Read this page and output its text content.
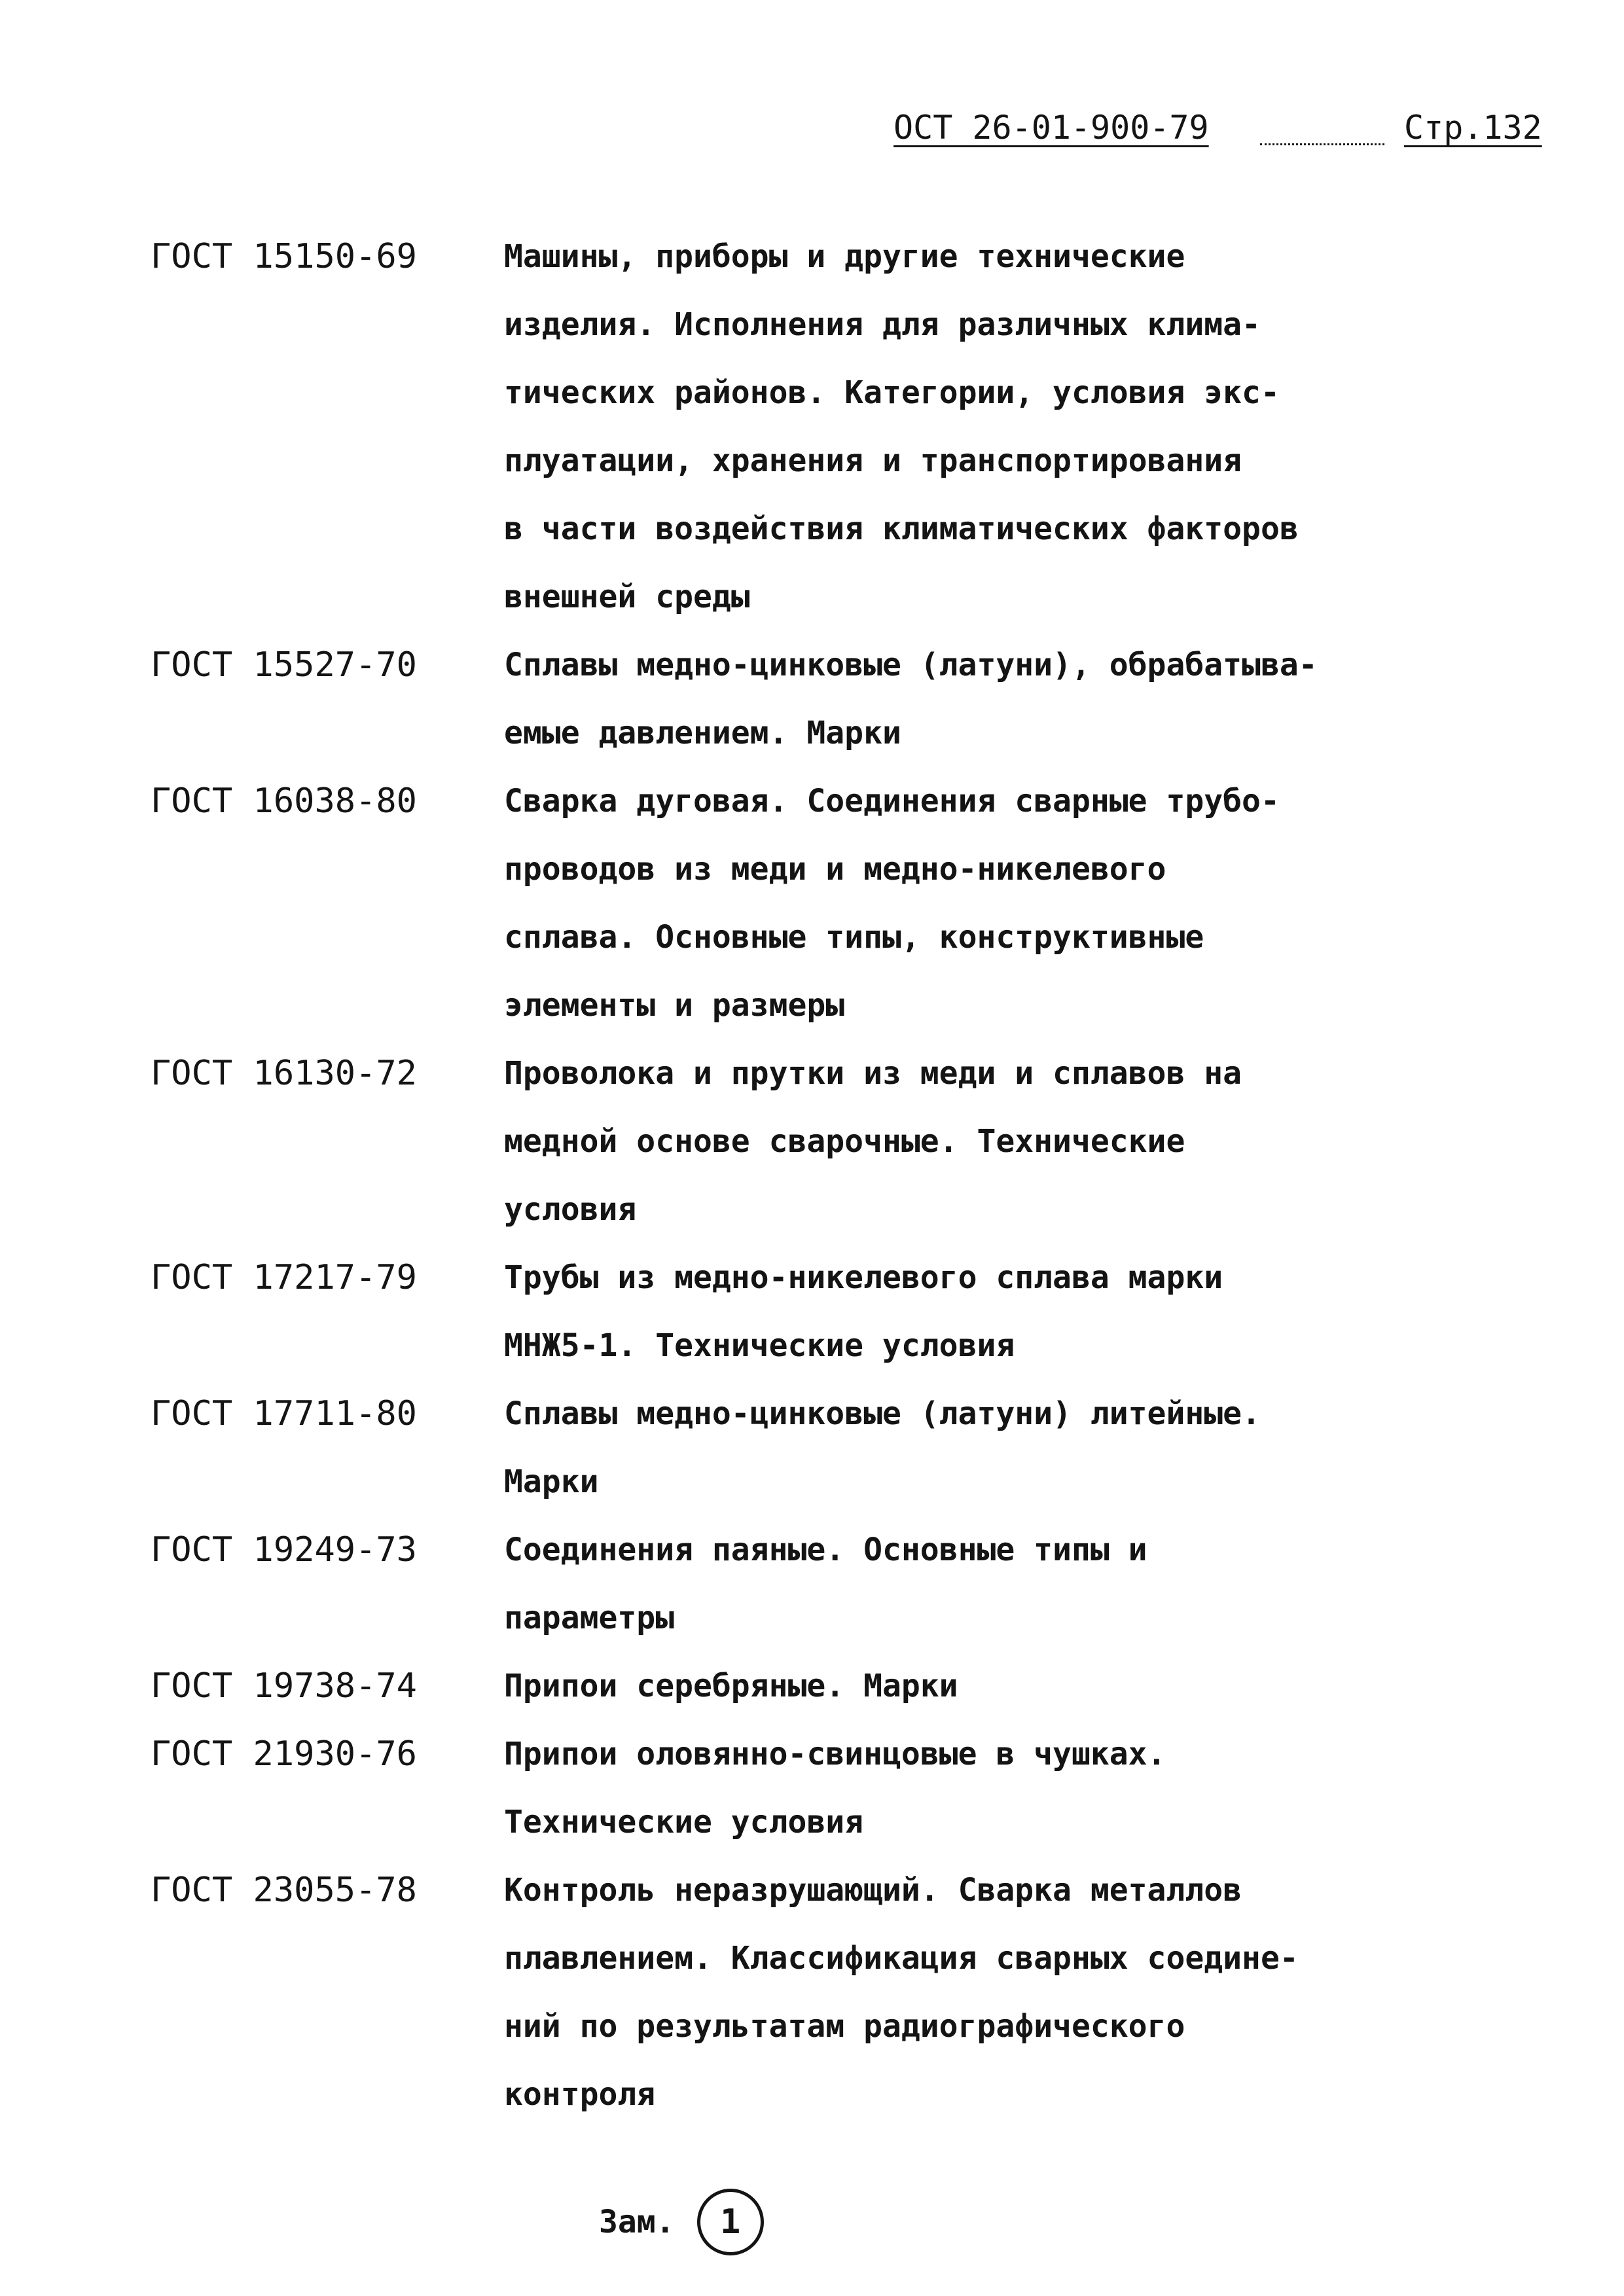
ОСТ 26-01-900-79	Стр.132
ГОСТ 15150-69	Машины, приборы и другие технические
изделия. Исполнения для различных клима-
тических районов. Категории, условия экс-
плуатации, хранения и транспортирования
в части воздействия климатических факторов
внешней среды
ГОСТ 15527-70	Сплавы медно-цинковые (латуни), обрабатыва-
емые давлением. Марки
ГОСТ 16038-80	Сварка дуговая. Соединения сварные трубо-
проводов из меди и медно-никелевого
сплава. Основные типы, конструктивные
элементы и размеры
ГОСТ 16130-72	Проволока и прутки из меди и сплавов на
медной основе сварочные. Технические
условия
ГОСТ 17217-79	Трубы из медно-никелевого сплава марки
МНЖ5-1. Технические условия
ГОСТ 17711-80	Сплавы медно-цинковые (латуни) литейные.
Марки
ГОСТ 19249-73	Соединения паяные. Основные типы и
параметры
ГОСТ 19738-74	Припои серебряные. Марки
ГОСТ 21930-76	Припои оловянно-свинцовые в чушках.
Технические условия
ГОСТ 23055-78	Контроль неразрушающий. Сварка металлов
плавлением. Классификация сварных соедине-
ний по результатам радиографического
контроля
Зам.	1
